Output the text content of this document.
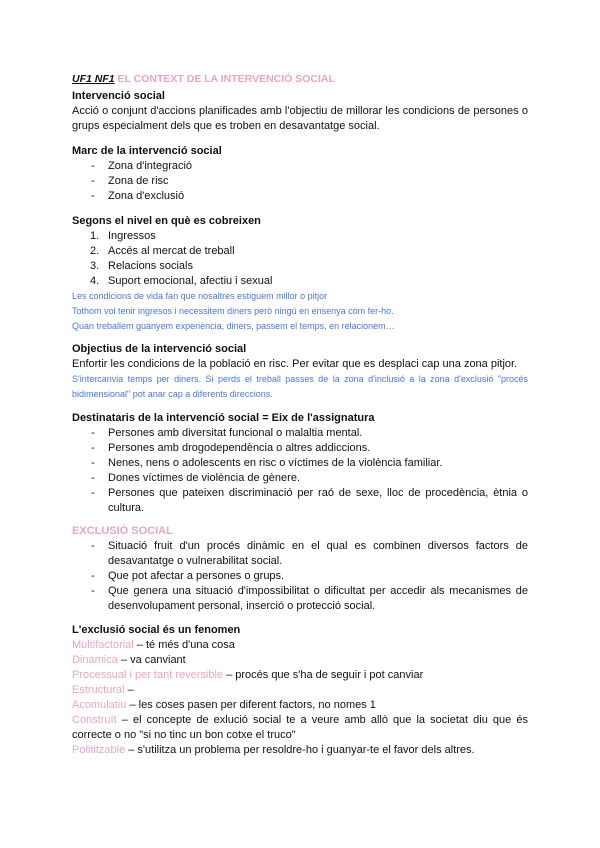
UF1 NF1 EL CONTEXT DE LA INTERVENCIÓ SOCIAL
Intervenció social

Acció o conjunt d'accions planificades amb l'objectiu de millorar les condicions de persones o grups especialment dels que es troben en desavantatge social.

Marc de la intervenció social
- Zona d'integració
- Zona de risc
- Zona d'exclusió
Segons el nivel en què es cobreixen
1. Ingressos
2. Accés al mercat de treball
3. Relacions socials
4. Suport emocional, afectiu i sexual
Les condicions de vida fan que nosaltres estiguem millor o pitjor
Tothom vol tenir ingresos i necessitem diners però ningú en ensenya com fer-ho.
Quan treballem guanyem experiència, diners, passem el temps, en relacionem…
Objectius de la intervenció social

Enfortir les condicions de la població en risc. Per evitar que es desplaci cap una zona pitjor.

S'intercanvia temps per diners. Si perds el treball passes de la zona d'inclusió a la zona d'exclusió "procés bidimensional" pot anar cap a diferents direccions.
Destinataris de la intervenció social = Eix de l'assignatura
- Persones amb diversitat funcional o malaltia mental.
- Persones amb drogodependència o altres addiccions.
- Nenes, nens o adolescents en risc o víctimes de la violència familiar.
- Dones víctimes de violència de gènere.
- Persones que pateixen discriminació per raó de sexe, lloc de procedència, ètnia o cultura.
EXCLUSIÓ SOCIAL
- Situació fruit d'un procés dinàmic en el qual es combinen diversos factors de desavantatge o vulnerabilitat social.
- Que pot afectar a persones o grups.
- Que genera una situació d'impossibilitat o dificultat per accedir als mecanismes de desenvolupament personal, inserció o protecció social.
L'exclusió social és un fenomen
Multifactorial – té més d'una cosa
Dinamica – va canviant
Processual i per tant reversible – procés que s'ha de seguir i pot canviar
Estructural –
Acomulatiu – les coses pasen per diferent factors, no nomes 1
Construït – el concepte de exlució social te a veure amb allò que la societat diu que és correcte o no "si no tinc un bon cotxe el truco"
Polititzable – s'utilitza un problema per resoldre-ho i guanyar-te el favor dels altres.
